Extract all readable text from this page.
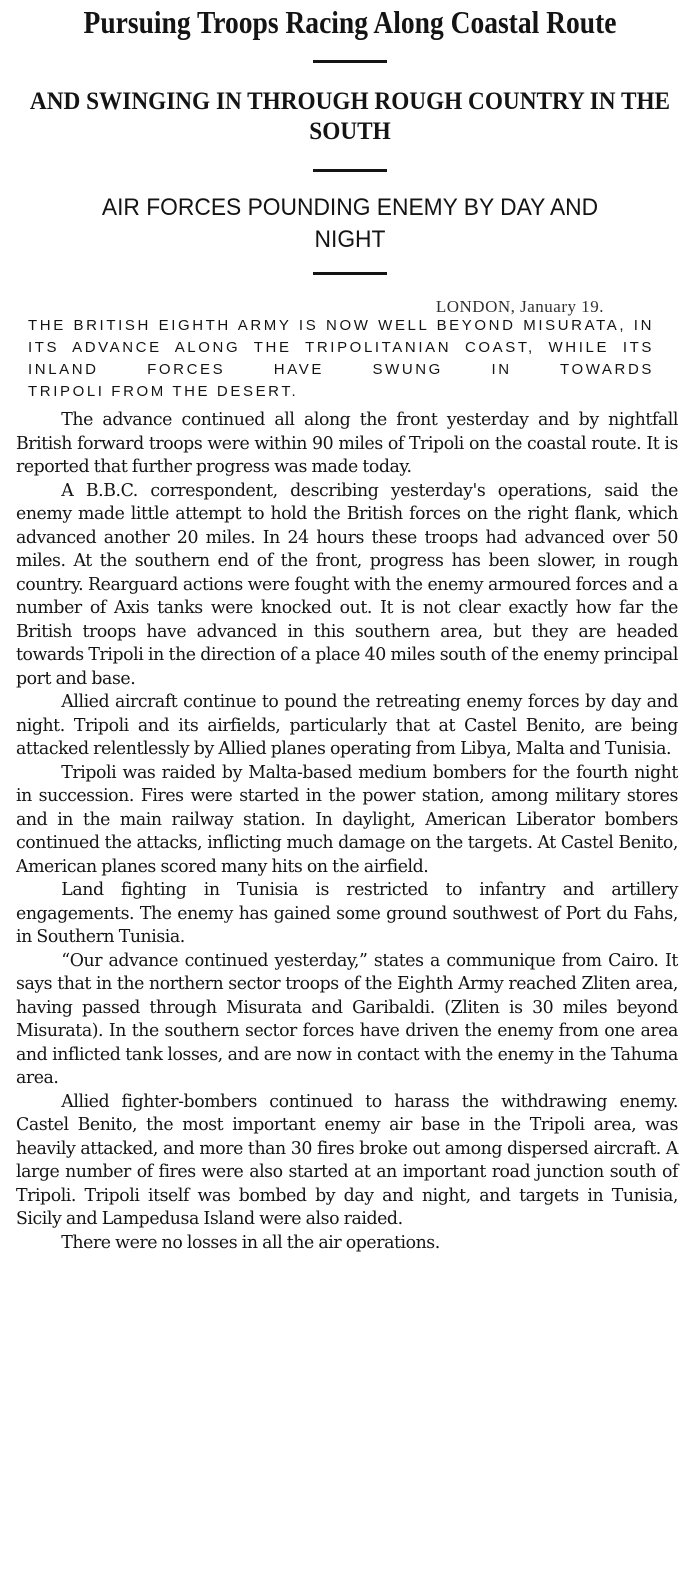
Pursuing Troops Racing Along Coastal Route
AND SWINGING IN THROUGH ROUGH COUNTRY IN THE SOUTH
AIR FORCES POUNDING ENEMY BY DAY AND NIGHT
LONDON, January 19.
THE BRITISH EIGHTH ARMY IS NOW WELL BEYOND MISURATA, IN ITS ADVANCE ALONG THE TRIPOLITANIAN COAST, WHILE ITS INLAND FORCES HAVE SWUNG IN TOWARDS
TRIPOLI FROM THE DESERT.

The advance continued all along the front yesterday and by nightfall British forward troops were within 90 miles of Tripoli on the coastal route. It is reported that further progress was made today.

A B.B.C. correspondent, describing yesterday's operations, said the enemy made little attempt to hold the British forces on the right flank, which advanced another 20 miles. In 24 hours these troops had advanced over 50 miles. At the southern end of the front, progress has been slower, in rough country. Rearguard actions were fought with the enemy armoured forces and a number of Axis tanks were knocked out. It is not clear exactly how far the British troops have advanced in this southern area, but they are headed towards Tripoli in the direction of a place 40 miles south of the enemy principal port and base.

Allied aircraft continue to pound the retreating enemy forces by day and night. Tripoli and its airfields, particularly that at Castel Benito, are being attacked relentlessly by Allied planes operating from Libya, Malta and Tunisia.

Tripoli was raided by Malta-based medium bombers for the fourth night in succession. Fires were started in the power station, among military stores and in the main railway station. In daylight, American Liberator bombers continued the attacks, inflicting much damage on the targets. At Castel Benito, American planes scored many hits on the airfield.

Land fighting in Tunisia is restricted to infantry and artillery engagements. The enemy has gained some ground southwest of Port du Fahs, in Southern Tunisia.

“Our advance continued yesterday,” states a communique from Cairo. It says that in the northern sector troops of the Eighth Army reached Zliten area, having passed through Misurata and Garibaldi. (Zliten is 30 miles beyond Misurata). In the southern sector forces have driven the enemy from one area and inflicted tank losses, and are now in contact with the enemy in the Tahuma area.

Allied fighter-bombers continued to harass the withdrawing enemy. Castel Benito, the most important enemy air base in the Tripoli area, was heavily attacked, and more than 30 fires broke out among dispersed aircraft. A large number of fires were also started at an important road junction south of Tripoli. Tripoli itself was bombed by day and night, and targets in Tunisia, Sicily and Lampedusa Island were also raided.

There were no losses in all the air operations.
